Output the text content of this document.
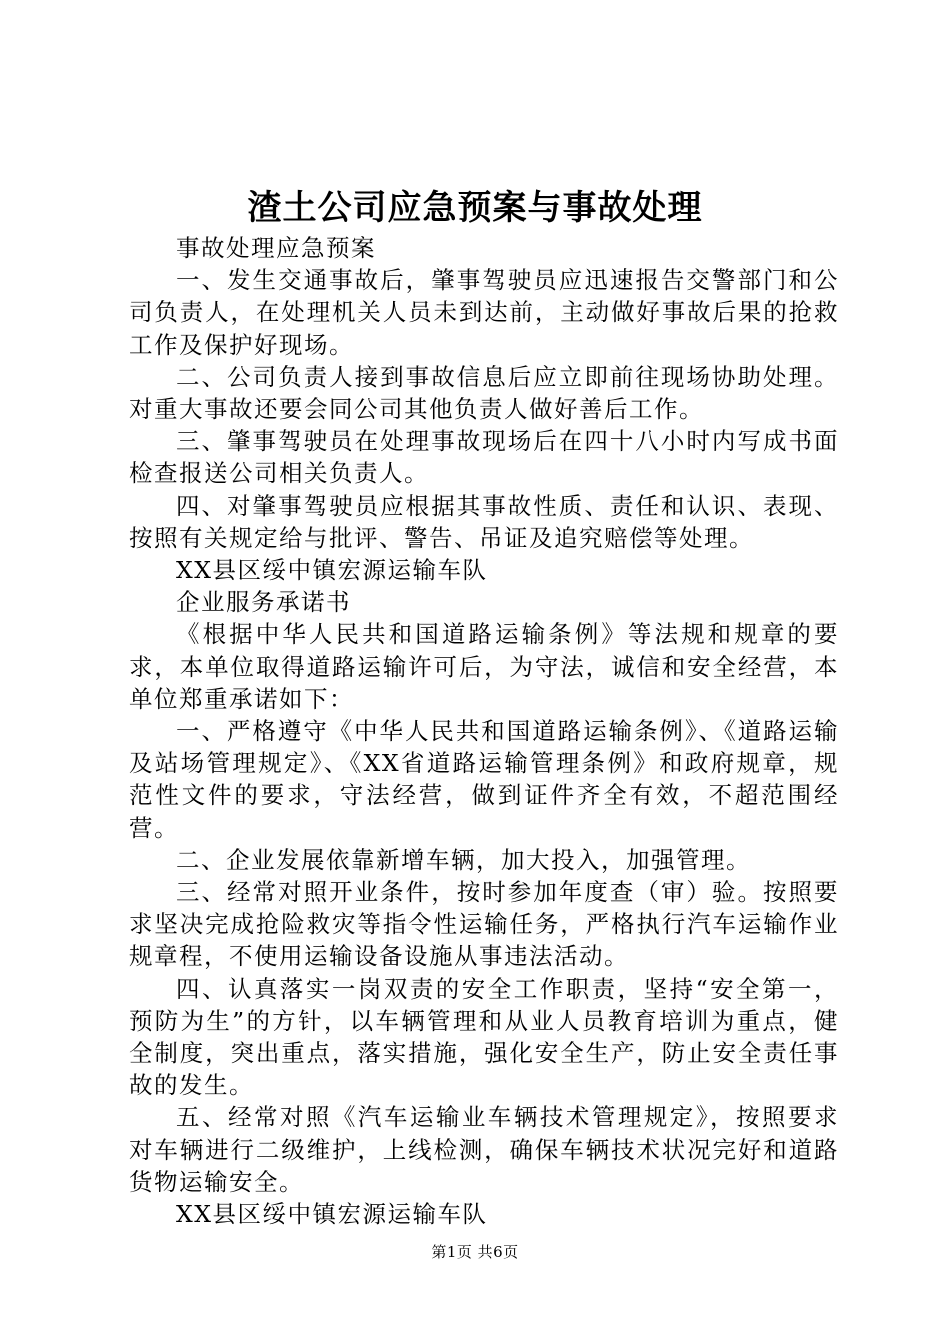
渣土公司应急预案与事故处理

事故处理应急预案

一、发生交通事故后，肇事驾驶员应迅速报告交警部门和公司负责人，在处理机关人员未到达前，主动做好事故后果的抢救工作及保护好现场。

二、公司负责人接到事故信息后应立即前往现场协助处理。对重大事故还要会同公司其他负责人做好善后工作。

三、肇事驾驶员在处理事故现场后在四十八小时内写成书面检查报送公司相关负责人。

四、对肇事驾驶员应根据其事故性质、责任和认识、表现、按照有关规定给与批评、警告、吊证及追究赔偿等处理。

XX县区绥中镇宏源运输车队

企业服务承诺书

《根据中华人民共和国道路运输条例》等法规和规章的要求，本单位取得道路运输许可后，为守法，诚信和安全经营，本单位郑重承诺如下：

一、严格遵守《中华人民共和国道路运输条例》、《道路运输及站场管理规定》、《XX省道路运输管理条例》和政府规章，规范性文件的要求，守法经营，做到证件齐全有效，不超范围经营。

二、企业发展依靠新增车辆，加大投入，加强管理。

三、经常对照开业条件，按时参加年度查（审）验。按照要求坚决完成抢险救灾等指令性运输任务，严格执行汽车运输作业规章程，不使用运输设备设施从事违法活动。

四、认真落实一岗双责的安全工作职责，坚持“安全第一，预防为生”的方针，以车辆管理和从业人员教育培训为重点，健全制度，突出重点，落实措施，强化安全生产，防止安全责任事故的发生。

五、经常对照《汽车运输业车辆技术管理规定》，按照要求对车辆进行二级维护，上线检测，确保车辆技术状况完好和道路货物运输安全。

XX县区绥中镇宏源运输车队

第1页 共6页
